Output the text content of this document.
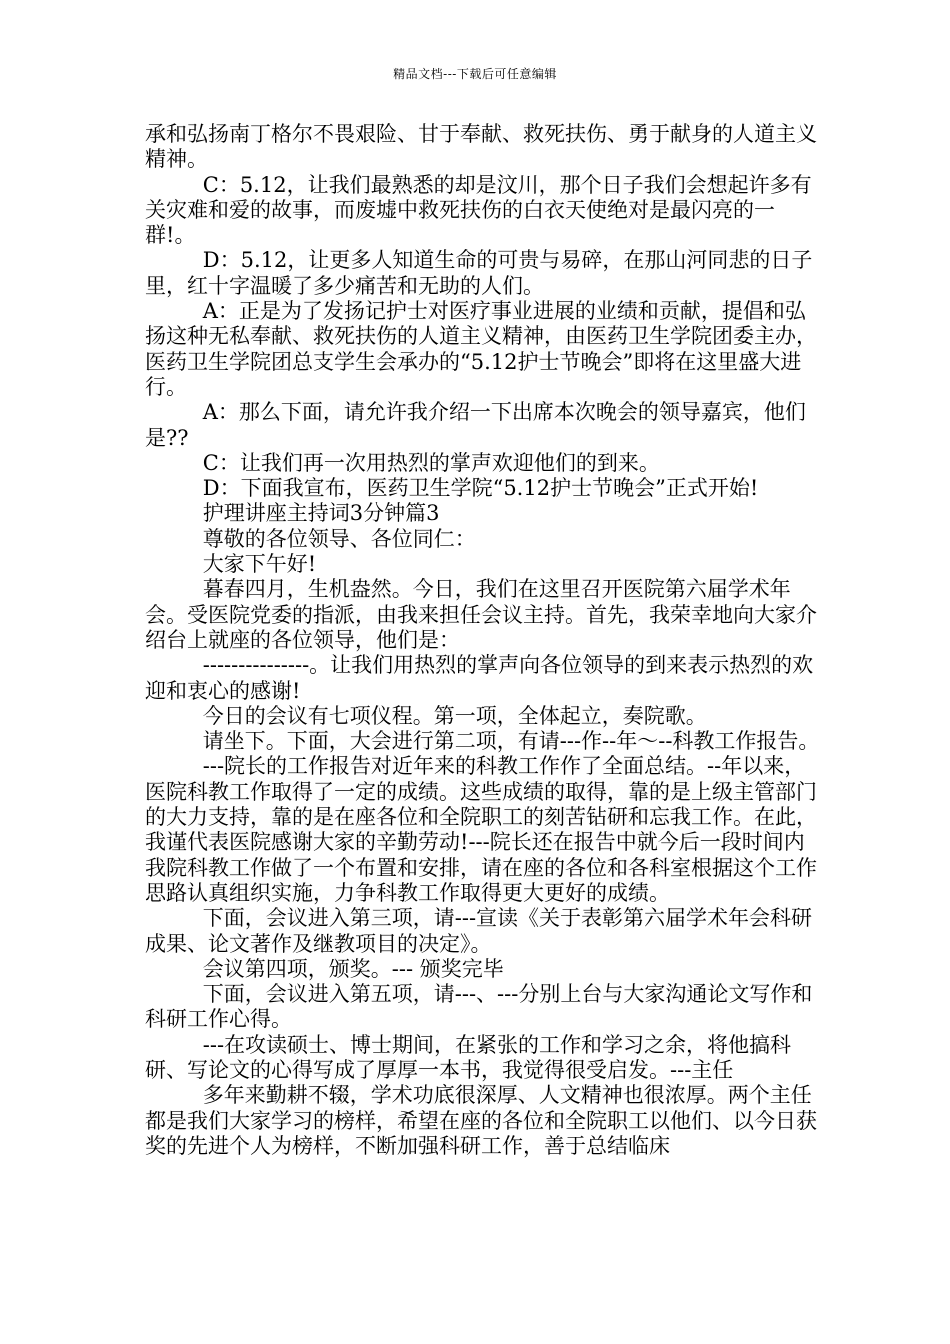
精品文档---下载后可任意编辑

承和弘扬南丁格尔不畏艰险、甘于奉献、救死扶伤、勇于献身的人道主义精神。

C：5.12，让我们最熟悉的却是汶川，那个日子我们会想起许多有关灾难和爱的故事，而废墟中救死扶伤的白衣天使绝对是最闪亮的一群!。

D：5.12，让更多人知道生命的可贵与易碎，在那山河同悲的日子里，红十字温暖了多少痛苦和无助的人们。

A：正是为了发扬记护士对医疗事业进展的业绩和贡献，提倡和弘扬这种无私奉献、救死扶伤的人道主义精神，由医药卫生学院团委主办，医药卫生学院团总支学生会承办的“5.12护士节晚会”即将在这里盛大进行。

A：那么下面，请允许我介绍一下出席本次晚会的领导嘉宾，他们是??

C：让我们再一次用热烈的掌声欢迎他们的到来。

D：下面我宣布，医药卫生学院“5.12护士节晚会”正式开始!

护理讲座主持词3分钟篇3

尊敬的各位领导、各位同仁：

大家下午好!

暮春四月，生机盎然。今日，我们在这里召开医院第六届学术年会。受医院党委的指派，由我来担任会议主持。首先，我荣幸地向大家介绍台上就座的各位领导，他们是：

---------------。让我们用热烈的掌声向各位领导的到来表示热烈的欢迎和衷心的感谢!

今日的会议有七项仪程。第一项，全体起立，奏院歌。

请坐下。下面，大会进行第二项，有请---作--年～--科教工作报告。

---院长的工作报告对近年来的科教工作作了全面总结。--年以来，医院科教工作取得了一定的成绩。这些成绩的取得，靠的是上级主管部门的大力支持，靠的是在座各位和全院职工的刻苦钻研和忘我工作。在此，我谨代表医院感谢大家的辛勤劳动!---院长还在报告中就今后一段时间内我院科教工作做了一个布置和安排，请在座的各位和各科室根据这个工作思路认真组织实施，力争科教工作取得更大更好的成绩。

下面，会议进入第三项，请---宣读《关于表彰第六届学术年会科研成果、论文著作及继教项目的决定》。

会议第四项，颁奖。--- 颁奖完毕

下面，会议进入第五项，请---、---分别上台与大家沟通论文写作和科研工作心得。

---在攻读硕士、博士期间，在紧张的工作和学习之余，将他搞科研、写论文的心得写成了厚厚一本书，我觉得很受启发。---主任

多年来勤耕不辍，学术功底很深厚、人文精神也很浓厚。两个主任都是我们大家学习的榜样，希望在座的各位和全院职工以他们、以今日获奖的先进个人为榜样，不断加强科研工作，善于总结临床
